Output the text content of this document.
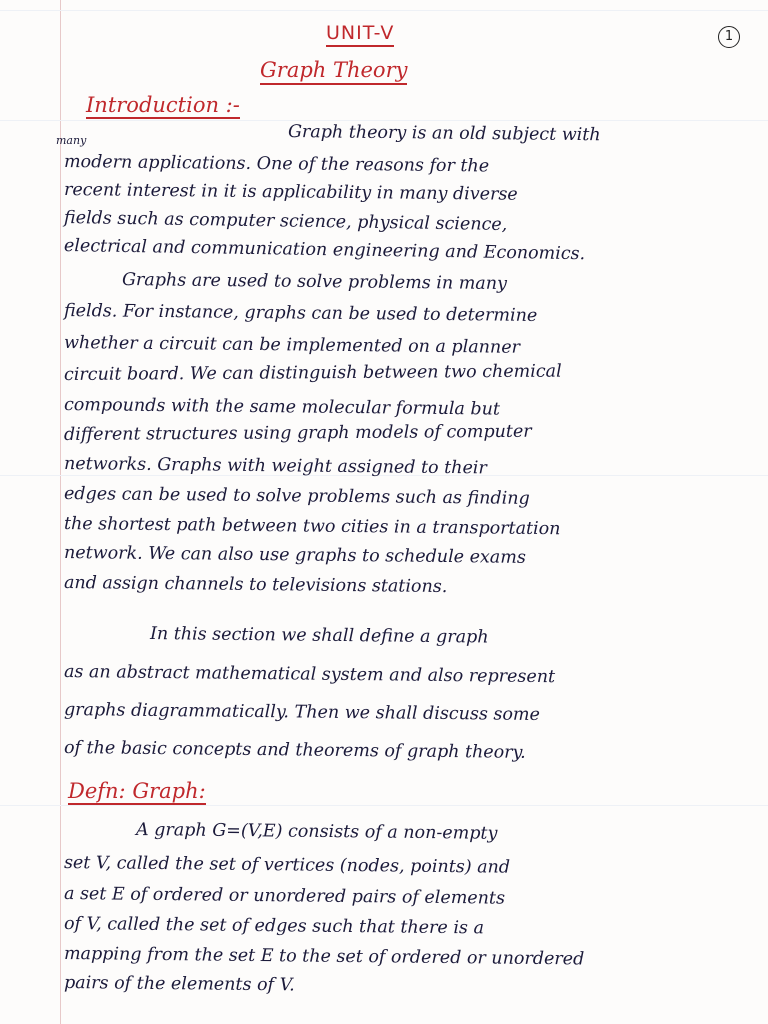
UNIT-V	1
Graph Theory
Introduction :-
many	Graph theory is an old subject with
modern applications. One of the reasons for the
recent interest in it is applicability in many diverse
fields such as computer science, physical science,
electrical and communication engineering and Economics.
Graphs are used to solve problems in many
fields. For instance, graphs can be used to determine
whether a circuit can be implemented on a planner
circuit board. We can distinguish between two chemical
compounds with the same molecular formula but
different structures using graph models of computer
networks. Graphs with weight assigned to their
edges can be used to solve problems such as finding
the shortest path between two cities in a transportation
network. We can also use graphs to schedule exams
and assign channels to televisions stations.
In this section we shall define a graph
as an abstract mathematical system and also represent
graphs diagrammatically. Then we shall discuss some
of the basic concepts and theorems of graph theory.
Defn: Graph:
A graph G=(V,E) consists of a non-empty
set V, called the set of vertices (nodes, points) and
a set E of ordered or unordered pairs of elements
of V, called the set of edges such that there is a
mapping from the set E to the set of ordered or unordered
pairs of the elements of V.
